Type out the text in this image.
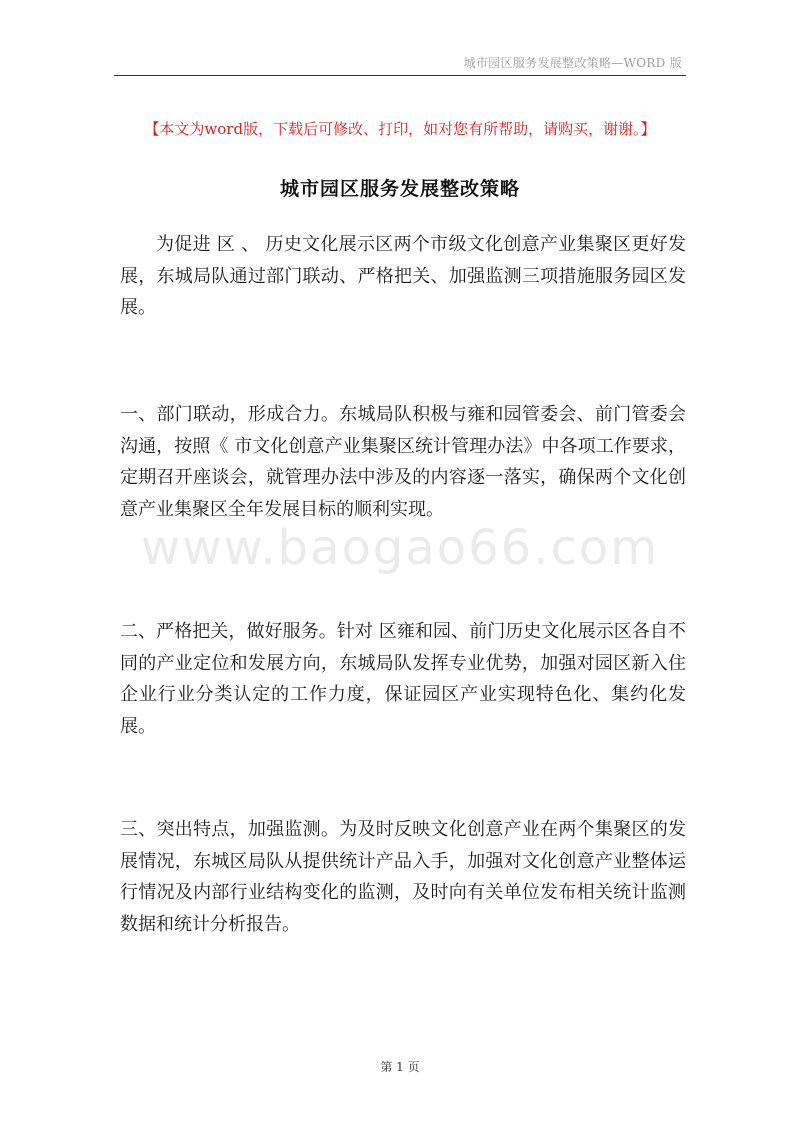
城市园区服务发展整改策略—WORD 版
【本文为word版，下载后可修改、打印，如对您有所帮助，请购买，谢谢。】
城市园区服务发展整改策略

为促进 区 、 历史文化展示区两个市级文化创意产业集聚区更好发展，东城局队通过部门联动、严格把关、加强监测三项措施服务园区发展。

一、部门联动，形成合力。东城局队积极与雍和园管委会、前门管委会沟通，按照《 市文化创意产业集聚区统计管理办法》中各项工作要求，定期召开座谈会，就管理办法中涉及的内容逐一落实，确保两个文化创意产业集聚区全年发展目标的顺利实现。

二、严格把关，做好服务。针对 区雍和园、前门历史文化展示区各自不同的产业定位和发展方向，东城局队发挥专业优势，加强对园区新入住企业行业分类认定的工作力度，保证园区产业实现特色化、集约化发展。

三、突出特点，加强监测。为及时反映文化创意产业在两个集聚区的发展情况，东城区局队从提供统计产品入手，加强对文化创意产业整体运行情况及内部行业结构变化的监测，及时向有关单位发布相关统计监测数据和统计分析报告。

www.baogao66.com
第 1 页
